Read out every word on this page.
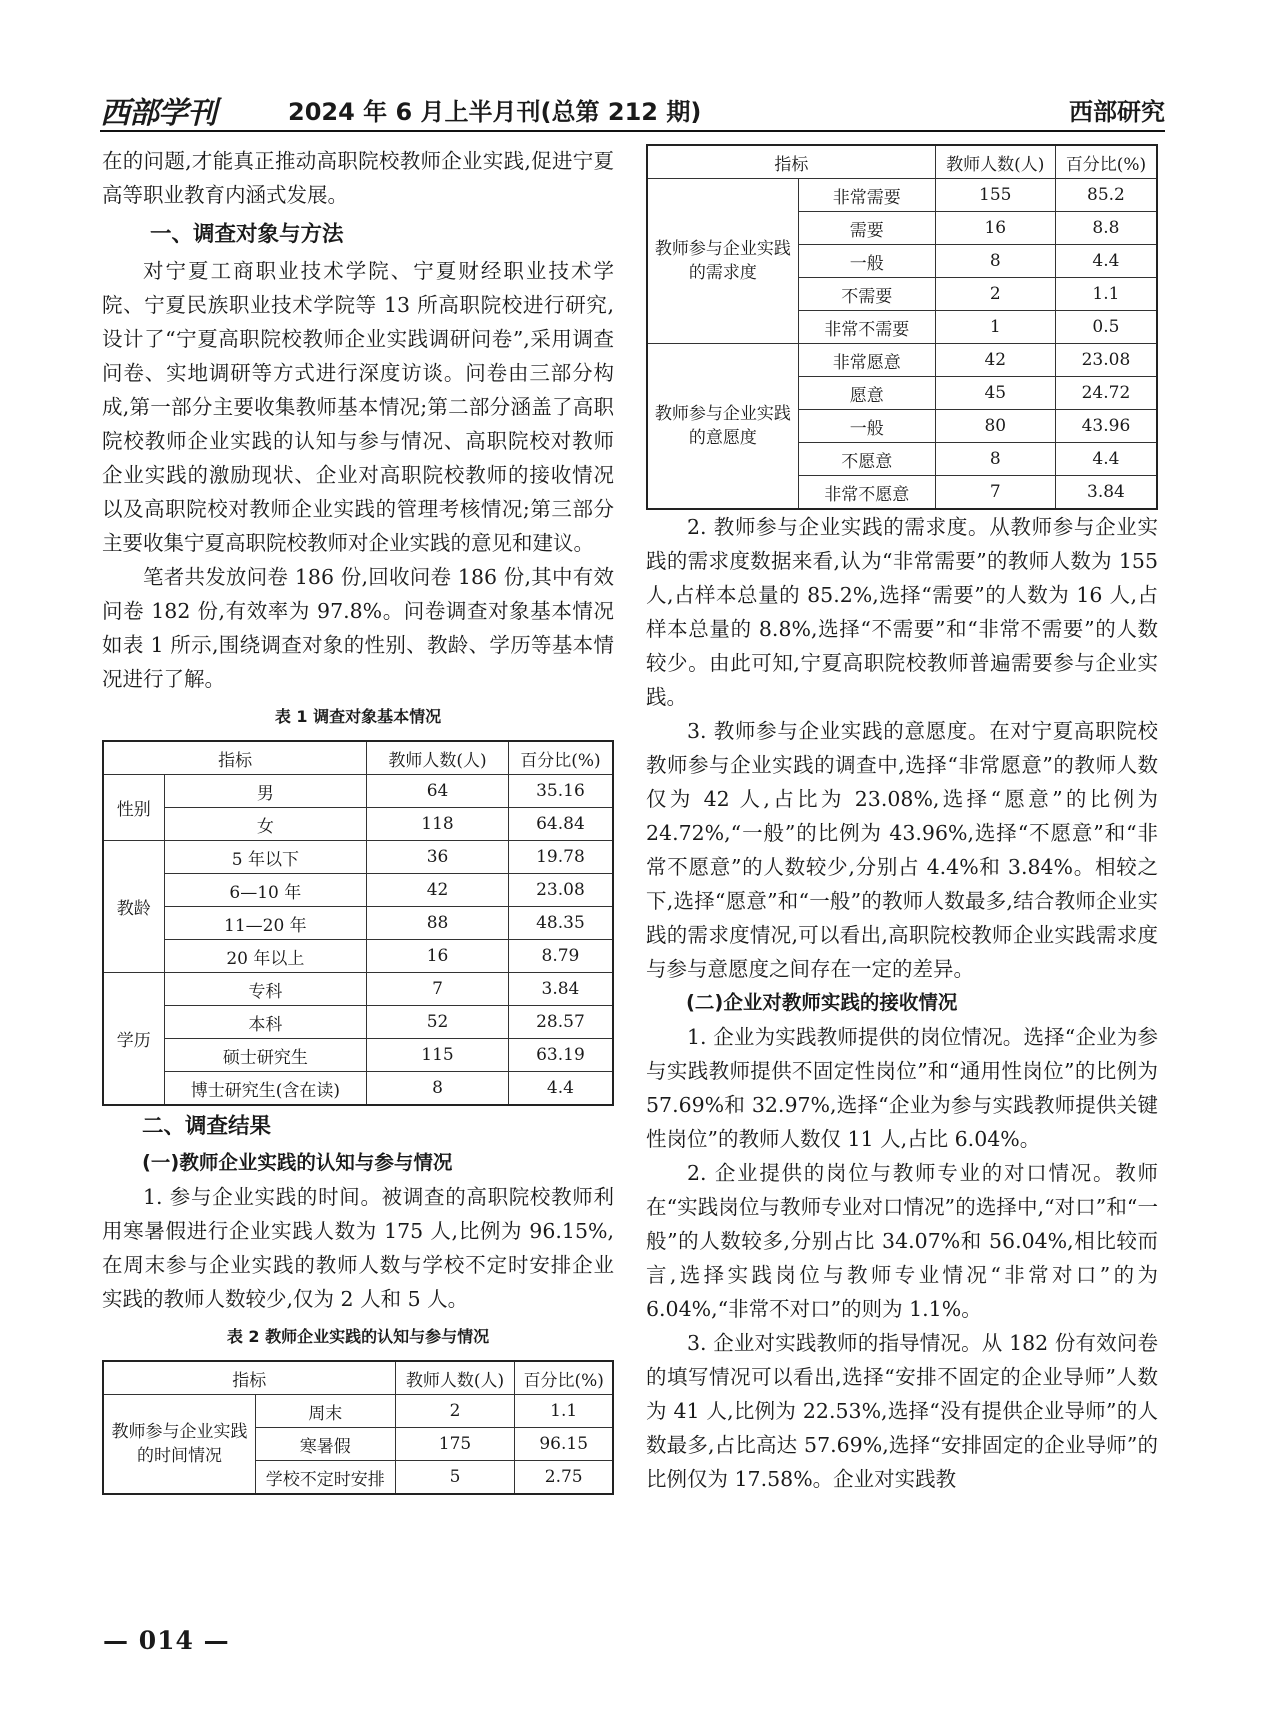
西部学刊	2024 年 6 月上半月刊(总第 212 期)	西部研究

在的问题,才能真正推动高职院校教师企业实践,促进宁夏高等职业教育内涵式发展。

一、调查对象与方法

对宁夏工商职业技术学院、宁夏财经职业技术学院、宁夏民族职业技术学院等 13 所高职院校进行研究,设计了“宁夏高职院校教师企业实践调研问卷”,采用调查问卷、实地调研等方式进行深度访谈。问卷由三部分构成,第一部分主要收集教师基本情况;第二部分涵盖了高职院校教师企业实践的认知与参与情况、高职院校对教师企业实践的激励现状、企业对高职院校教师的接收情况以及高职院校对教师企业实践的管理考核情况;第三部分主要收集宁夏高职院校教师对企业实践的意见和建议。

笔者共发放问卷 186 份,回收问卷 186 份,其中有效问卷 182 份,有效率为 97.8%。问卷调查对象基本情况如表 1 所示,围绕调查对象的性别、教龄、学历等基本情况进行了解。

表 1 调查对象基本情况
指标		教师人数(人)	百分比(%)
性别	男	64	35.16
	女	118	64.84
教龄	5 年以下	36	19.78
	6—10 年	42	23.08
	11—20 年	88	48.35
	20 年以上	16	8.79
学历	专科	7	3.84
	本科	52	28.57
	硕士研究生	115	63.19
	博士研究生(含在读)	8	4.4
二、调查结果
(一)教师企业实践的认知与参与情况

1. 参与企业实践的时间。被调查的高职院校教师利用寒暑假进行企业实践人数为 175 人,比例为 96.15%,在周末参与企业实践的教师人数与学校不定时安排企业实践的教师人数较少,仅为 2 人和 5 人。

表 2 教师企业实践的认知与参与情况
指标		教师人数(人)	百分比(%)
教师参与企业实践的时间情况	周末	2	1.1
	寒暑假	175	96.15
	学校不定时安排	5	2.75
指标		教师人数(人)	百分比(%)
教师参与企业实践的需求度	非常需要	155	85.2
	需要	16	8.8
	一般	8	4.4
	不需要	2	1.1
	非常不需要	1	0.5
教师参与企业实践的意愿度	非常愿意	42	23.08
	愿意	45	24.72
	一般	80	43.96
	不愿意	8	4.4
	非常不愿意	7	3.84

2. 教师参与企业实践的需求度。从教师参与企业实践的需求度数据来看,认为“非常需要”的教师人数为 155 人,占样本总量的 85.2%,选择“需要”的人数为 16 人,占样本总量的 8.8%,选择“不需要”和“非常不需要”的人数较少。由此可知,宁夏高职院校教师普遍需要参与企业实践。

3. 教师参与企业实践的意愿度。在对宁夏高职院校教师参与企业实践的调查中,选择“非常愿意”的教师人数仅为 42 人,占比为 23.08%,选择“愿意”的比例为 24.72%,“一般”的比例为 43.96%,选择“不愿意”和“非常不愿意”的人数较少,分别占 4.4%和 3.84%。相较之下,选择“愿意”和“一般”的教师人数最多,结合教师企业实践的需求度情况,可以看出,高职院校教师企业实践需求度与参与意愿度之间存在一定的差异。

(二)企业对教师实践的接收情况

1. 企业为实践教师提供的岗位情况。选择“企业为参与实践教师提供不固定性岗位”和“通用性岗位”的比例为 57.69%和 32.97%,选择“企业为参与实践教师提供关键性岗位”的教师人数仅 11 人,占比 6.04%。

2. 企业提供的岗位与教师专业的对口情况。教师在“实践岗位与教师专业对口情况”的选择中,“对口”和“一般”的人数较多,分别占比 34.07%和 56.04%,相比较而言,选择实践岗位与教师专业情况“非常对口”的为 6.04%,“非常不对口”的则为 1.1%。

3. 企业对实践教师的指导情况。从 182 份有效问卷的填写情况可以看出,选择“安排不固定的企业导师”人数为 41 人,比例为 22.53%,选择“没有提供企业导师”的人数最多,占比高达 57.69%,选择“安排固定的企业导师”的比例仅为 17.58%。企业对实践教

— 014 —
